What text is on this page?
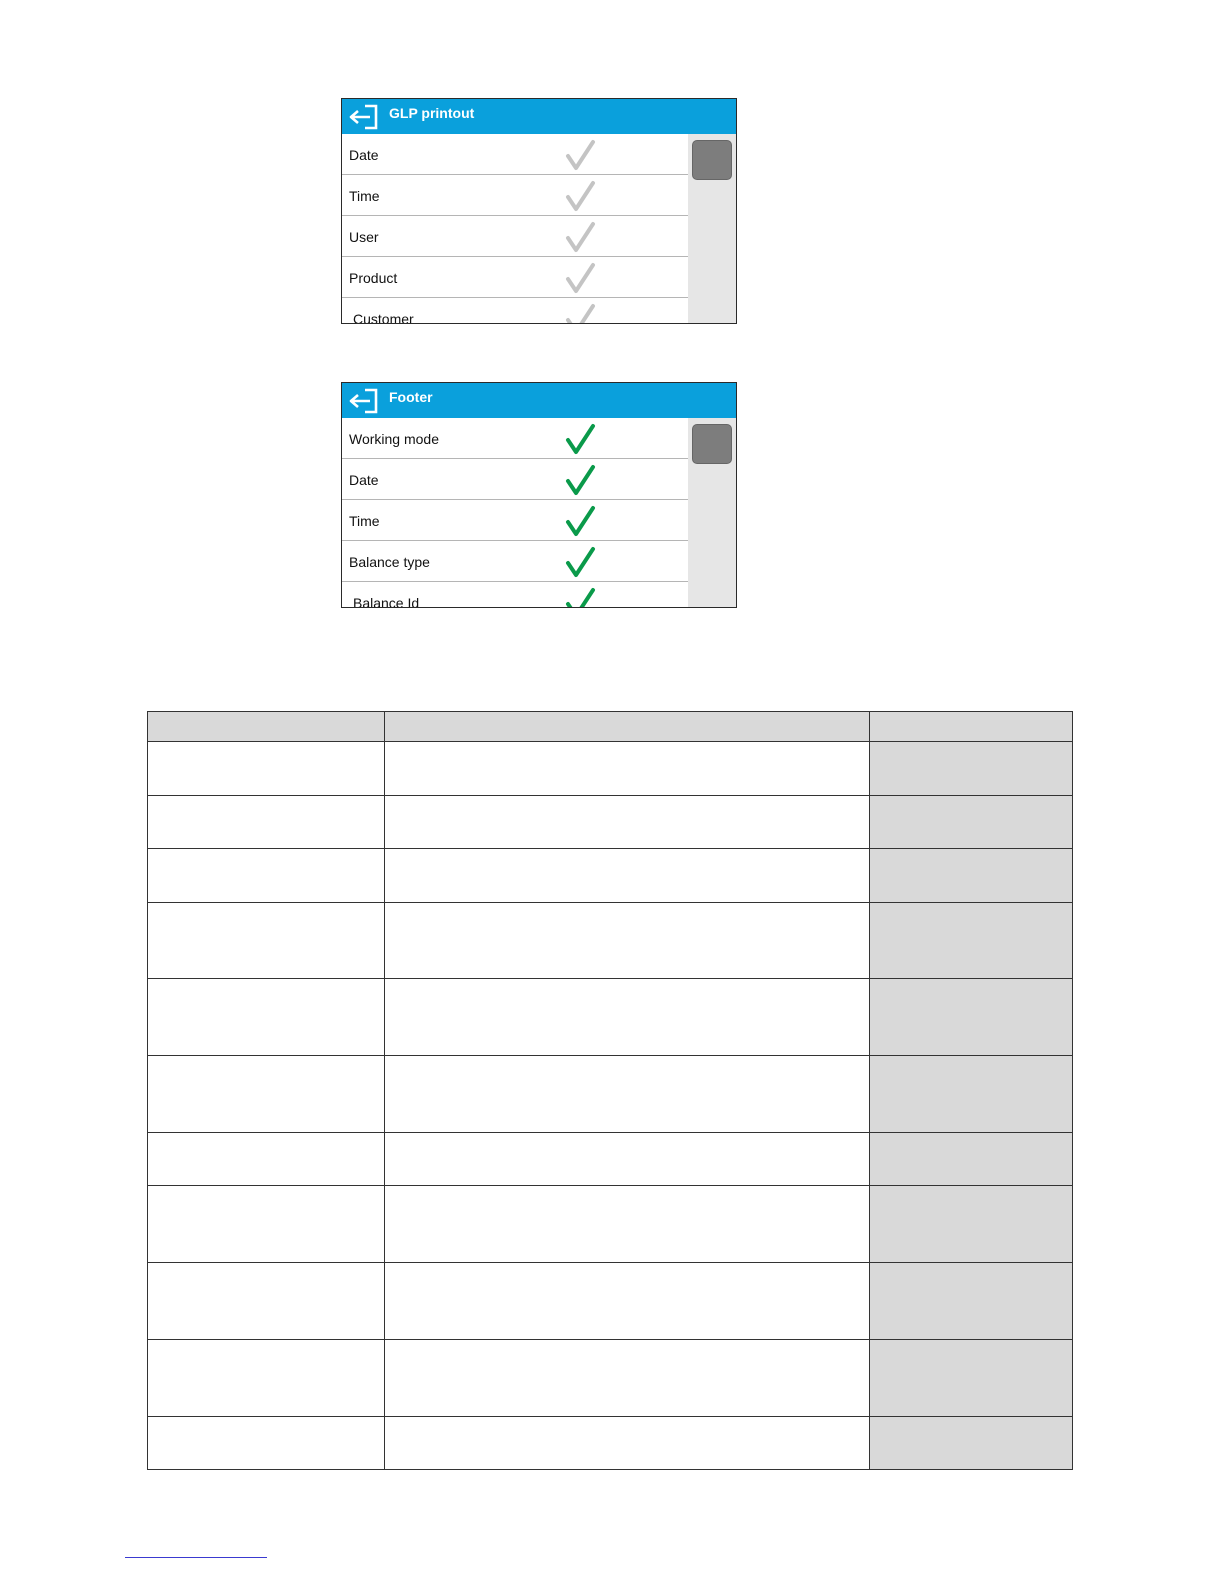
GLP printout
Date
Time
User
Product
Customer
Footer
Working mode
Date
Time
Balance type
Balance Id
